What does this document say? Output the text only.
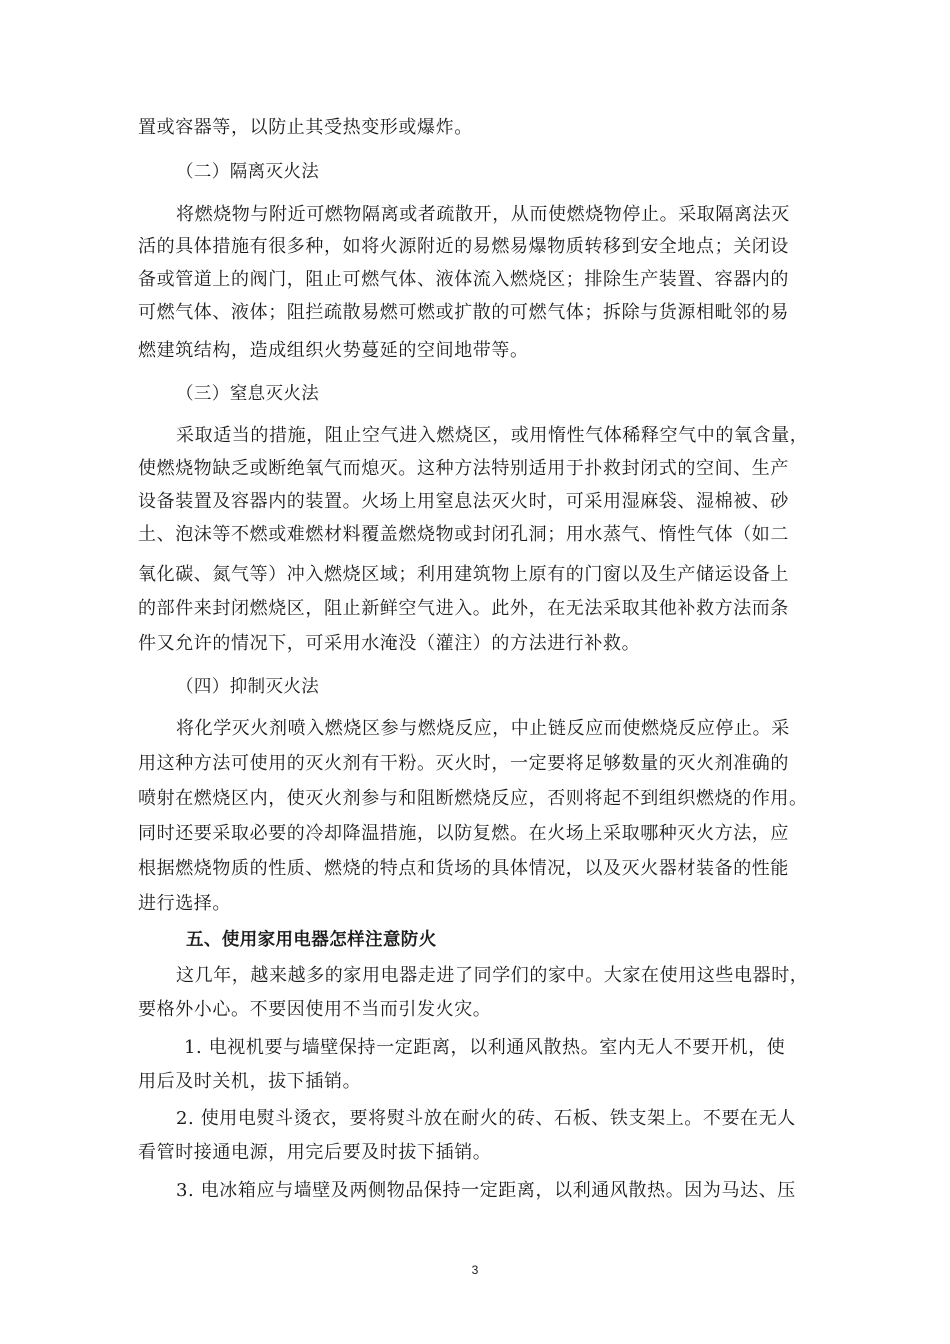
置或容器等，以防止其受热变形或爆炸。
（二）隔离灭火法
将燃烧物与附近可燃物隔离或者疏散开，从而使燃烧物停止。采取隔离法灭
活的具体措施有很多种，如将火源附近的易燃易爆物质转移到安全地点；关闭设
备或管道上的阀门，阻止可燃气体、液体流入燃烧区；排除生产装置、容器内的
可燃气体、液体；阻拦疏散易燃可燃或扩散的可燃气体；拆除与货源相毗邻的易
燃建筑结构，造成组织火势蔓延的空间地带等。
（三）窒息灭火法
采取适当的措施，阻止空气进入燃烧区，或用惰性气体稀释空气中的氧含量，
使燃烧物缺乏或断绝氧气而熄灭。这种方法特别适用于扑救封闭式的空间、生产
设备装置及容器内的装置。火场上用窒息法灭火时，可采用湿麻袋、湿棉被、砂
土、泡沫等不燃或难燃材料覆盖燃烧物或封闭孔洞；用水蒸气、惰性气体（如二
氧化碳、氮气等）冲入燃烧区域；利用建筑物上原有的门窗以及生产储运设备上
的部件来封闭燃烧区，阻止新鲜空气进入。此外，在无法采取其他补救方法而条
件又允许的情况下，可采用水淹没（灌注）的方法进行补救。
（四）抑制灭火法
将化学灭火剂喷入燃烧区参与燃烧反应，中止链反应而使燃烧反应停止。采
用这种方法可使用的灭火剂有干粉。灭火时，一定要将足够数量的灭火剂准确的
喷射在燃烧区内，使灭火剂参与和阻断燃烧反应，否则将起不到组织燃烧的作用。
同时还要采取必要的冷却降温措施，以防复燃。在火场上采取哪种灭火方法，应
根据燃烧物质的性质、燃烧的特点和货场的具体情况，以及灭火器材装备的性能
进行选择。
五、使用家用电器怎样注意防火
这几年，越来越多的家用电器走进了同学们的家中。大家在使用这些电器时，
要格外小心。不要因使用不当而引发火灾。
1. 电视机要与墙壁保持一定距离，以利通风散热。室内无人不要开机，使
用后及时关机，拔下插销。
2. 使用电熨斗烫衣，要将熨斗放在耐火的砖、石板、铁支架上。不要在无人
看管时接通电源，用完后要及时拔下插销。
3. 电冰箱应与墙壁及两侧物品保持一定距离，以利通风散热。因为马达、压
3
